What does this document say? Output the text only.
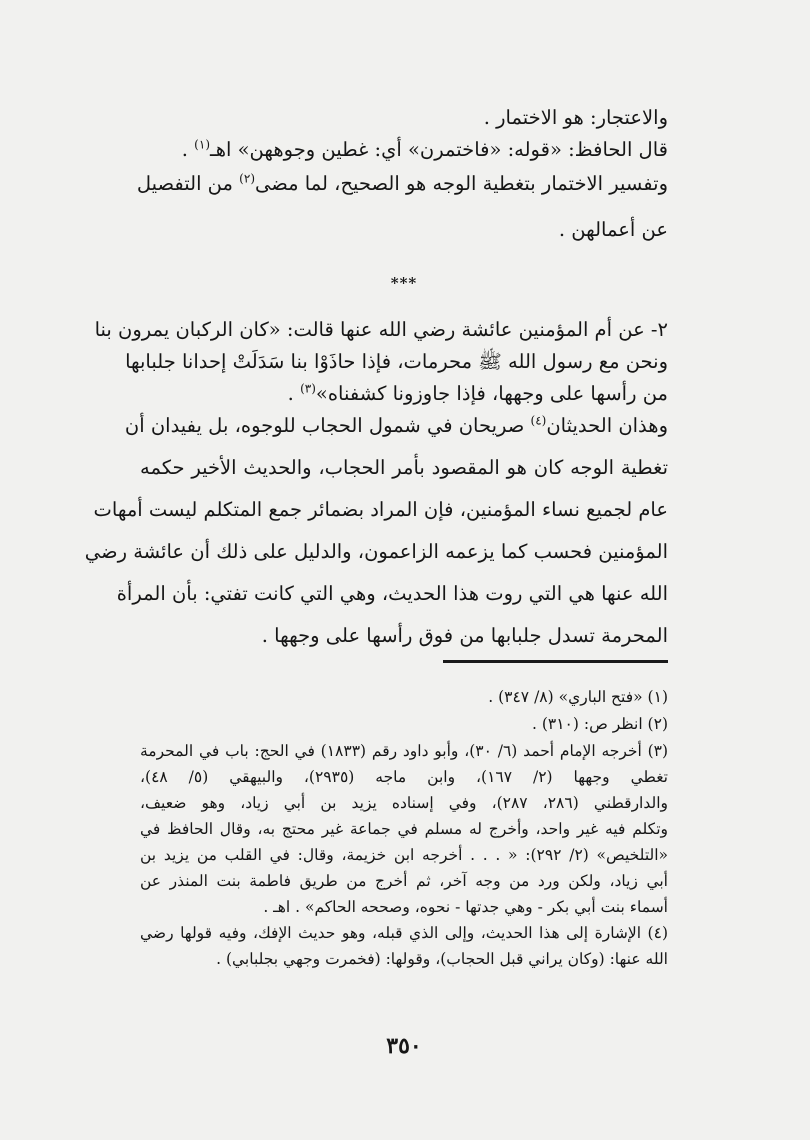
والاعتجار: هو الاختمار .
قال الحافظ: «قوله: «فاختمرن» أي: غطين وجوههن» اهـ$^{(١)}$ .
وتفسير الاختمار بتغطية الوجه هو الصحيح، لما مضى$^{(٢)}$ من التفصيل
عن أعمالهن .
***
٢- عن أم المؤمنين عائشة رضي الله عنها قالت: «كان الركبان يمرون بنا
ونحن مع رسول الله ﷺ محرمات، فإذا حاذَوْا بنا سَدَلَتْ إحدانا جلبابها
من رأسها على وجهها، فإذا جاوزونا كشفناه»$^{(٣)}$ .
وهذان الحديثان$^{(٤)}$ صريحان في شمول الحجاب للوجوه، بل يفيدان أن
تغطية الوجه كان هو المقصود بأمر الحجاب، والحديث الأخير حكمه
عام لجميع نساء المؤمنين، فإن المراد بضمائر جمع المتكلم ليست أمهات
المؤمنين فحسب كما يزعمه الزاعمون، والدليل على ذلك أن عائشة رضي
الله عنها هي التي روت هذا الحديث، وهي التي كانت تفتي: بأن المرأة
المحرمة تسدل جلبابها من فوق رأسها على وجهها .
(١) «فتح الباري» (٨/ ٣٤٧) .
(٢) انظر ص: (٣١٠) .
(٣) أخرجه الإمام أحمد (٦/ ٣٠)، وأبو داود رقم (١٨٣٣) في الحج: باب في المحرمة
تغطي وجهها (٢/ ١٦٧)، وابن ماجه (٢٩٣٥)، والبيهقي (٥/ ٤٨)،
والدارقطني (٢٨٦، ٢٨٧)، وفي إسناده يزيد بن أبي زياد، وهو ضعيف،
وتكلم فيه غير واحد، وأخرج له مسلم في جماعة غير محتج به، وقال الحافظ في
«التلخيص» (٢/ ٢٩٢): « . . . أخرجه ابن خزيمة، وقال: في القلب من يزيد بن
أبي زياد، ولكن ورد من وجه آخر، ثم أخرج من طريق فاطمة بنت المنذر عن
أسماء بنت أبي بكر - وهي جدتها - نحوه، وصححه الحاكم» . اهـ .
(٤) الإشارة إلى هذا الحديث، وإلى الذي قبله، وهو حديث الإفك، وفيه قولها رضي
الله عنها: (وكان يراني قبل الحجاب)، وقولها: (فخمرت وجهي بجلبابي) .
٣٥٠
